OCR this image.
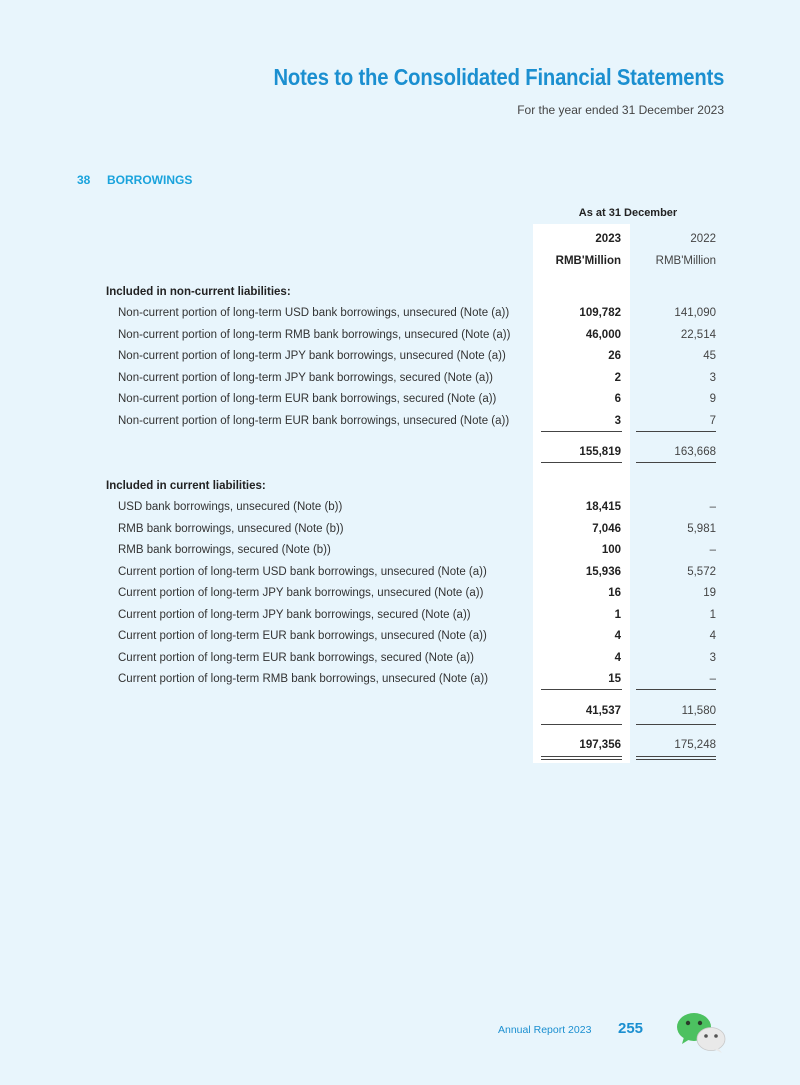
Notes to the Consolidated Financial Statements
For the year ended 31 December 2023
38 BORROWINGS
As at 31 December
2023	2022
RMB'Million	RMB'Million
Included in non-current liabilities:
Non-current portion of long-term USD bank borrowings, unsecured (Note (a))	109,782	141,090
Non-current portion of long-term RMB bank borrowings, unsecured (Note (a))	46,000	22,514
Non-current portion of long-term JPY bank borrowings, unsecured (Note (a))	26	45
Non-current portion of long-term JPY bank borrowings, secured (Note (a))	2	3
Non-current portion of long-term EUR bank borrowings, secured (Note (a))	6	9
Non-current portion of long-term EUR bank borrowings, unsecured (Note (a))	3	7
155,819	163,668
Included in current liabilities:
USD bank borrowings, unsecured (Note (b))	18,415	–
RMB bank borrowings, unsecured (Note (b))	7,046	5,981
RMB bank borrowings, secured (Note (b))	100	–
Current portion of long-term USD bank borrowings, unsecured (Note (a))	15,936	5,572
Current portion of long-term JPY bank borrowings, unsecured (Note (a))	16	19
Current portion of long-term JPY bank borrowings, secured (Note (a))	1	1
Current portion of long-term EUR bank borrowings, unsecured (Note (a))	4	4
Current portion of long-term EUR bank borrowings, secured (Note (a))	4	3
Current portion of long-term RMB bank borrowings, unsecured (Note (a))	15	–
41,537	11,580
197,356	175,248
Annual Report 2023 255
